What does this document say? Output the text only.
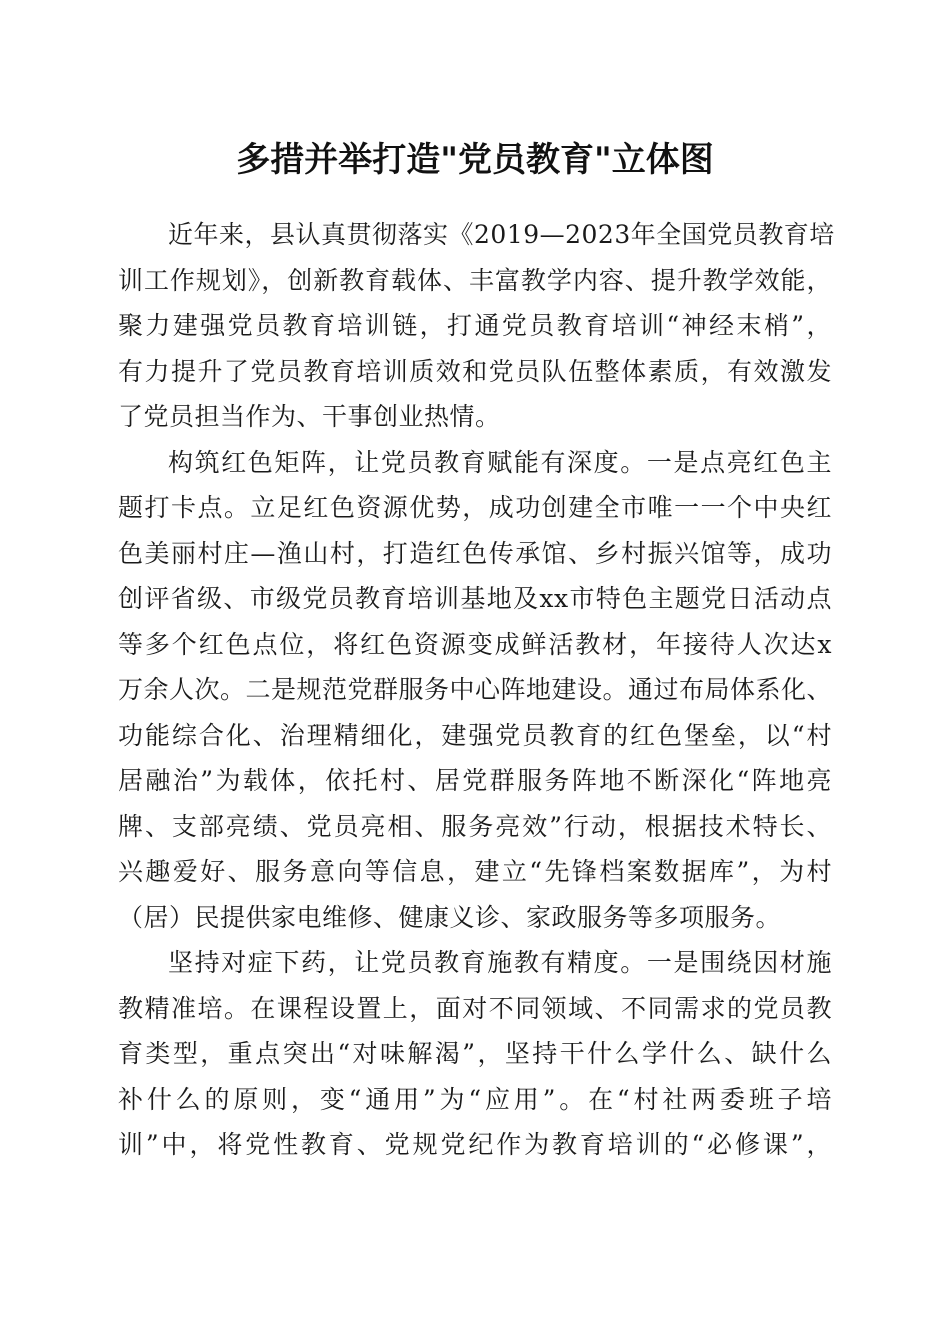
多措并举打造"党员教育"立体图

近年来，县认真贯彻落实《2019—2023年全国党员教育培
训工作规划》，创新教育载体、丰富教学内容、提升教学效能，
聚力建强党员教育培训链，打通党员教育培训“神经末梢”，
有力提升了党员教育培训质效和党员队伍整体素质，有效激发
了党员担当作为、干事创业热情。

构筑红色矩阵，让党员教育赋能有深度。一是点亮红色主
题打卡点。立足红色资源优势，成功创建全市唯一一个中央红
色美丽村庄—渔山村，打造红色传承馆、乡村振兴馆等，成功
创评省级、市级党员教育培训基地及xx市特色主题党日活动点
等多个红色点位，将红色资源变成鲜活教材，年接待人次达x
万余人次。二是规范党群服务中心阵地建设。通过布局体系化、
功能综合化、治理精细化，建强党员教育的红色堡垒，以“村
居融治”为载体，依托村、居党群服务阵地不断深化“阵地亮
牌、支部亮绩、党员亮相、服务亮效”行动，根据技术特长、
兴趣爱好、服务意向等信息，建立“先锋档案数据库”，为村
（居）民提供家电维修、健康义诊、家政服务等多项服务。

坚持对症下药，让党员教育施教有精度。一是围绕因材施
教精准培。在课程设置上，面对不同领域、不同需求的党员教
育类型，重点突出“对味解渴”，坚持干什么学什么、缺什么
补什么的原则，变“通用”为“应用”。在“村社两委班子培
训”中，将党性教育、党规党纪作为教育培训的“必修课”，
